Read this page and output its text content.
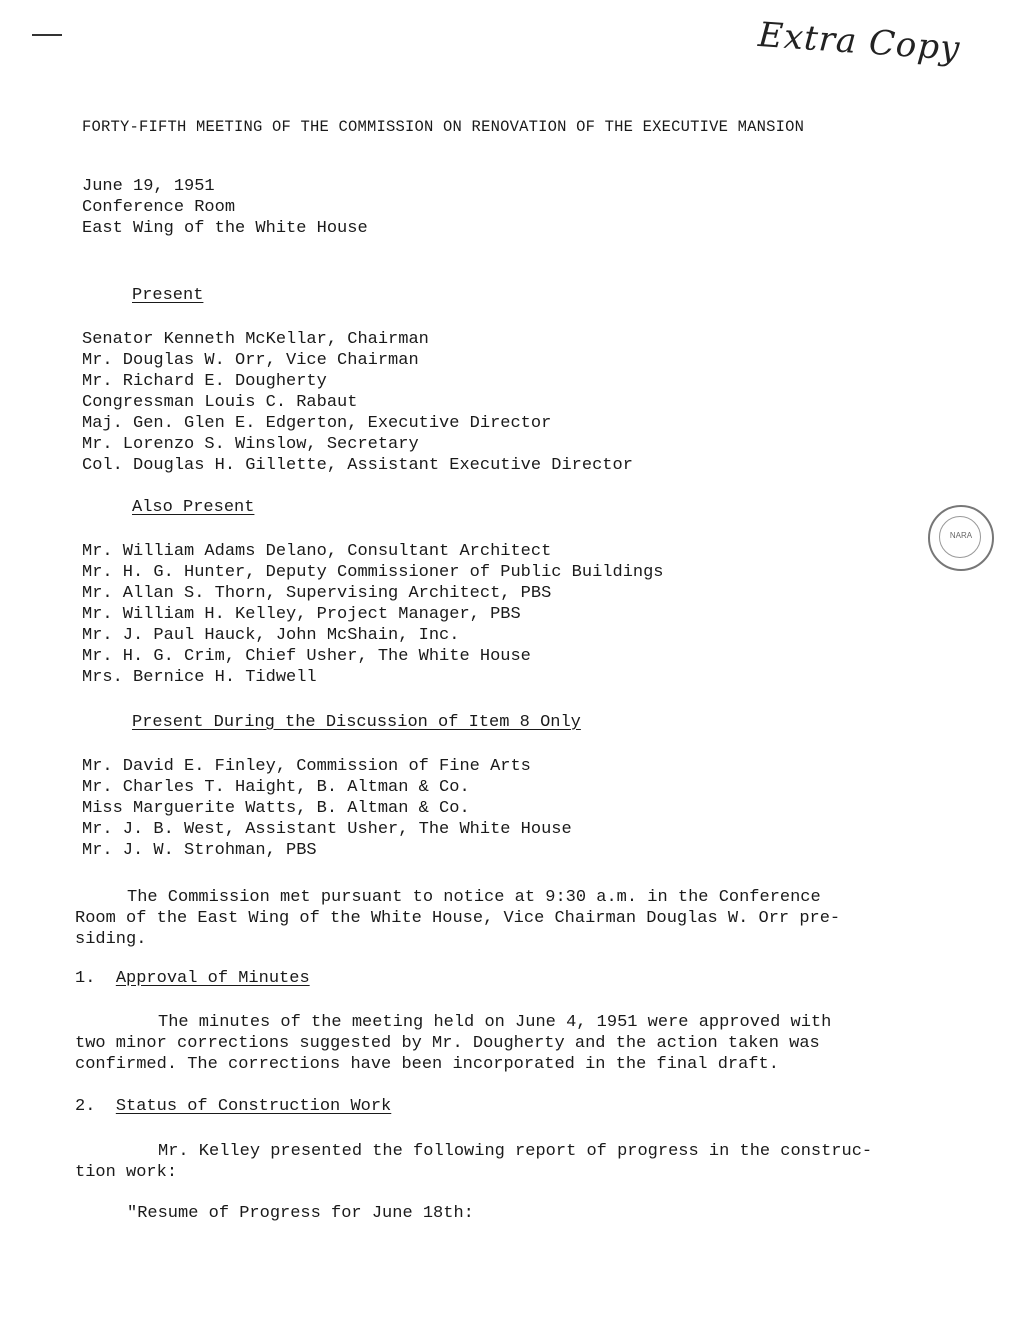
Extra Copy
NARA
FORTY-FIFTH MEETING OF THE COMMISSION ON RENOVATION OF THE EXECUTIVE MANSION
June 19, 1951
Conference Room
East Wing of the White House
Present
Senator Kenneth McKellar, Chairman
Mr. Douglas W. Orr, Vice Chairman
Mr. Richard E. Dougherty
Congressman Louis C. Rabaut
Maj. Gen. Glen E. Edgerton, Executive Director
Mr. Lorenzo S. Winslow, Secretary
Col. Douglas H. Gillette, Assistant Executive Director
Also Present
Mr. William Adams Delano, Consultant Architect
Mr. H. G. Hunter, Deputy Commissioner of Public Buildings
Mr. Allan S. Thorn, Supervising Architect, PBS
Mr. William H. Kelley, Project Manager, PBS
Mr. J. Paul Hauck, John McShain, Inc.
Mr. H. G. Crim, Chief Usher, The White House
Mrs. Bernice H. Tidwell
Present During the Discussion of Item 8 Only
Mr. David E. Finley, Commission of Fine Arts
Mr. Charles T. Haight, B. Altman & Co.
Miss Marguerite Watts, B. Altman & Co.
Mr. J. B. West, Assistant Usher, The White House
Mr. J. W. Strohman, PBS
The Commission met pursuant to notice at 9:30 a.m. in the Conference
Room of the East Wing of the White House, Vice Chairman Douglas W. Orr pre-
siding.
1. Approval of Minutes
The minutes of the meeting held on June 4, 1951 were approved with
two minor corrections suggested by Mr. Dougherty and the action taken was
confirmed. The corrections have been incorporated in the final draft.
2. Status of Construction Work
Mr. Kelley presented the following report of progress in the construc-
tion work:
"Resume of Progress for June 18th:
